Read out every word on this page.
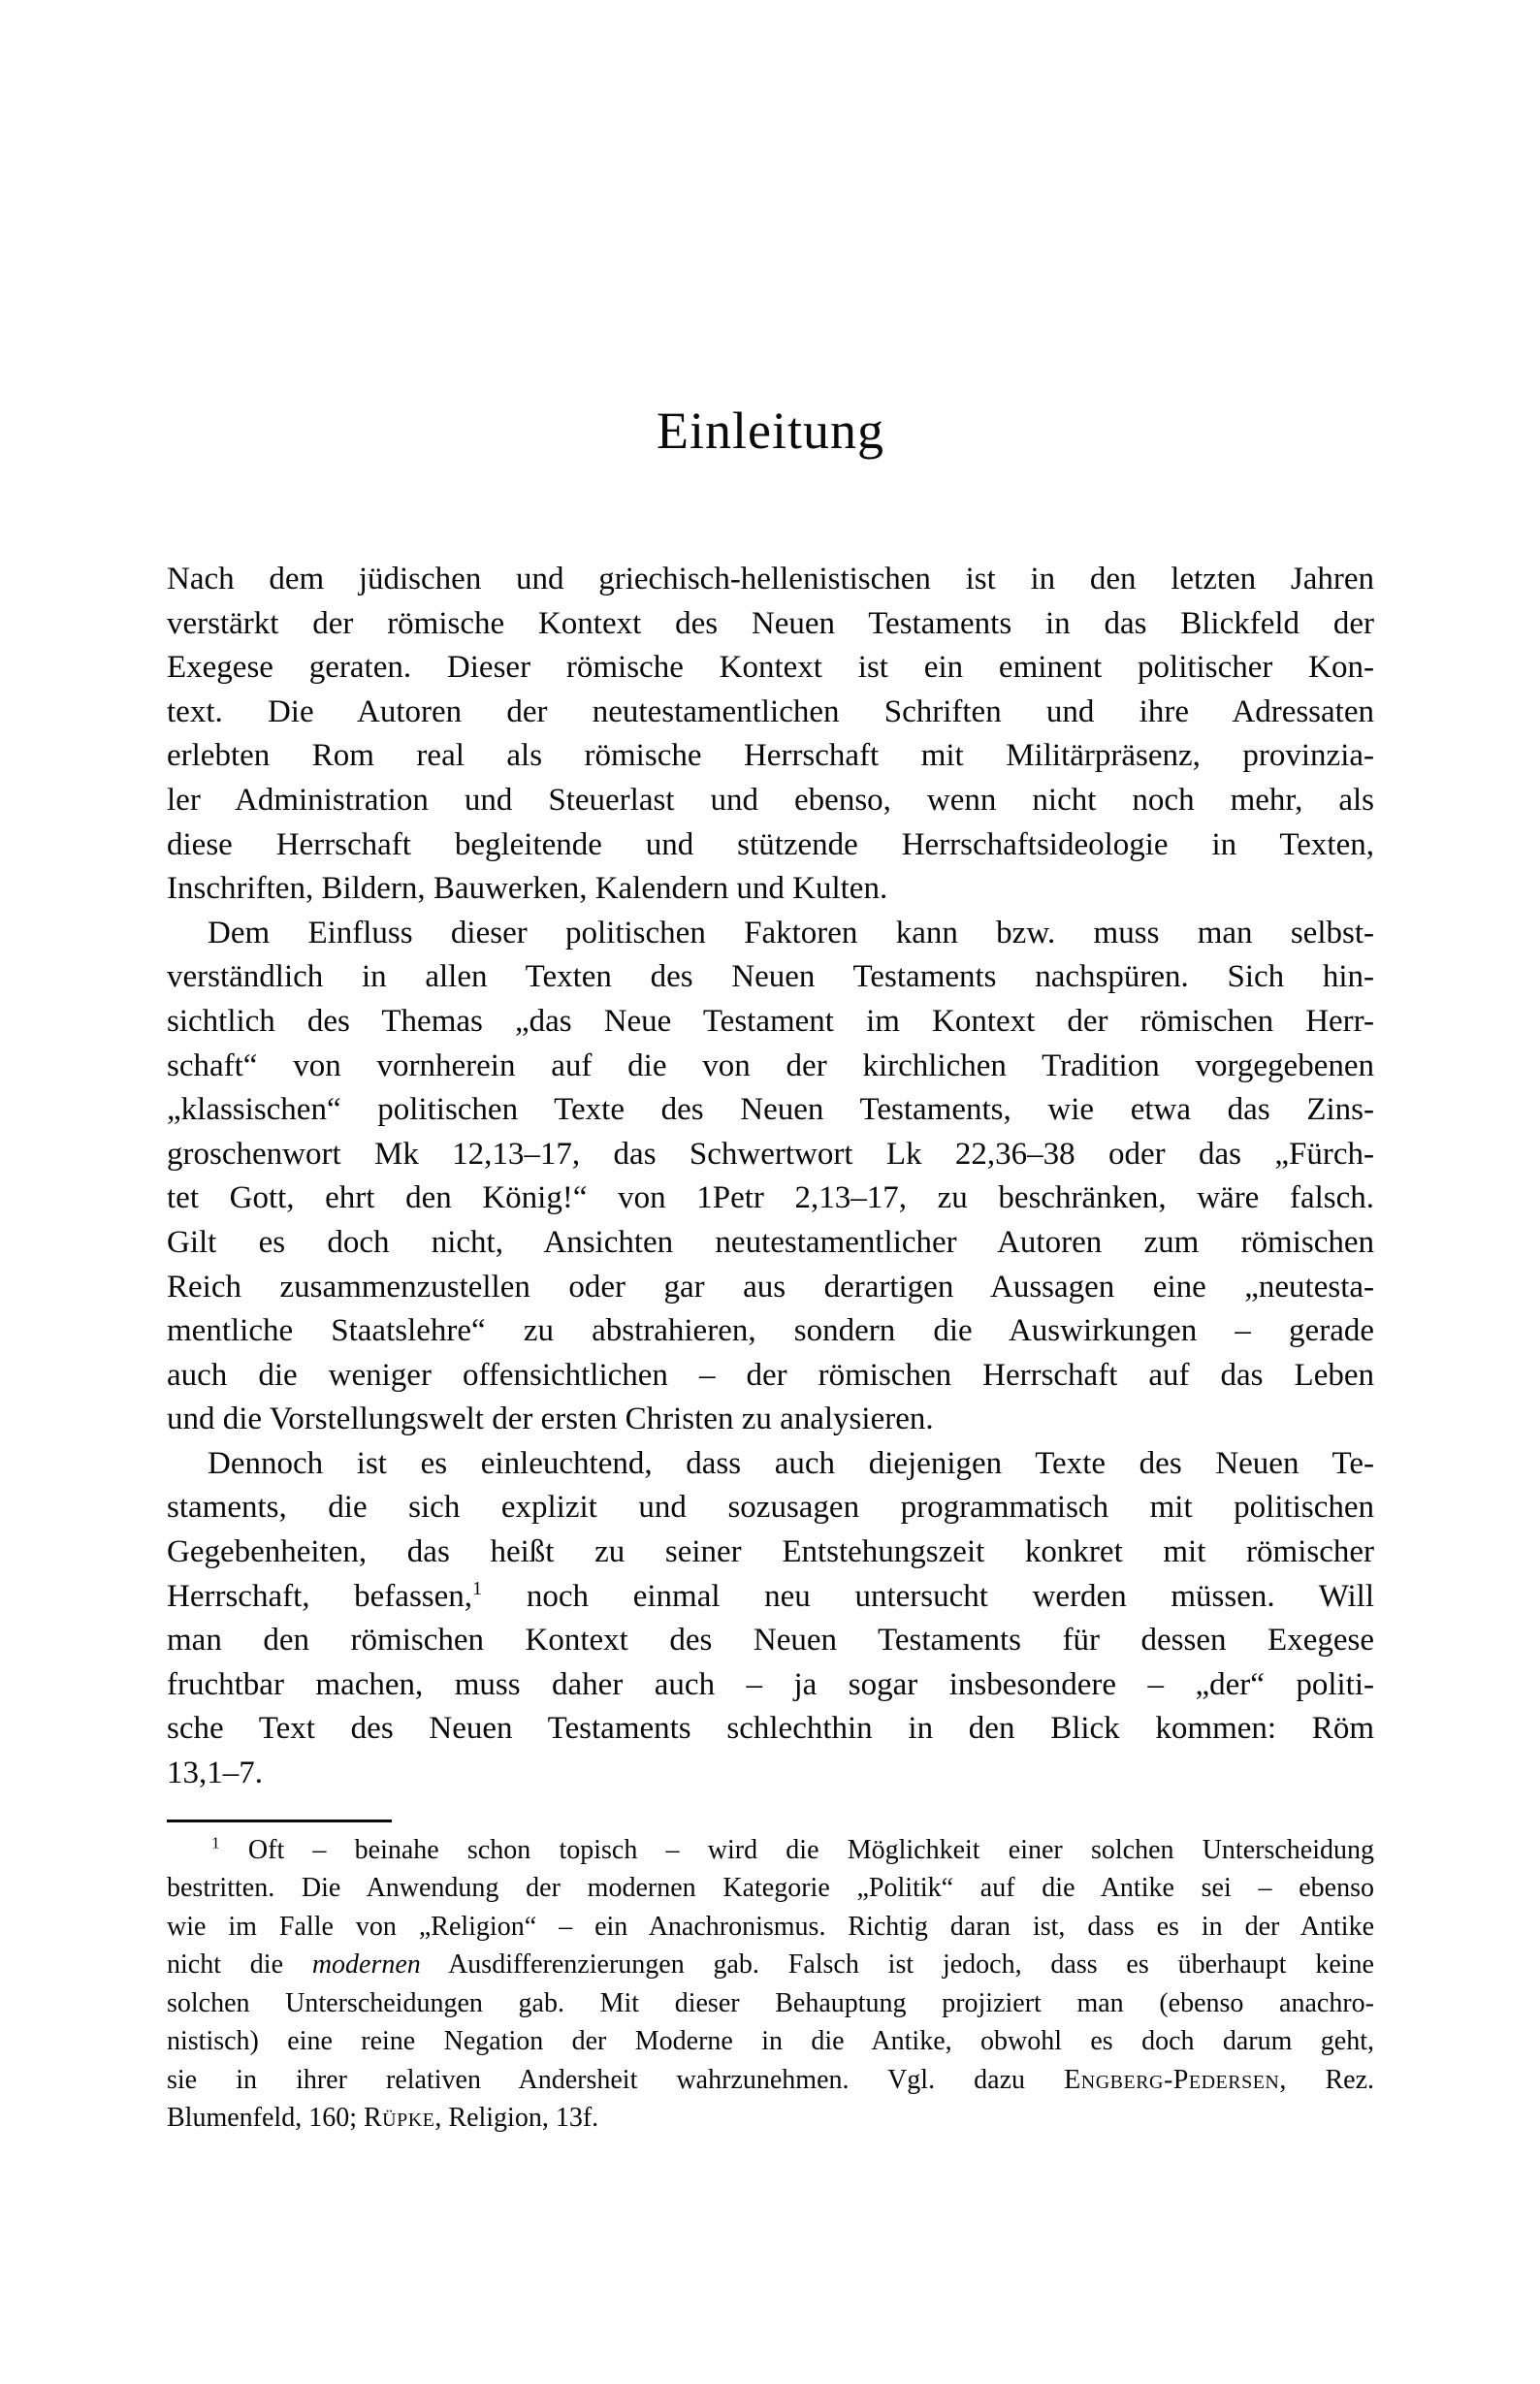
Einleitung
Nach dem jüdischen und griechisch-hellenistischen ist in den letzten Jahren
verstärkt der römische Kontext des Neuen Testaments in das Blickfeld der
Exegese geraten. Dieser römische Kontext ist ein eminent politischer Kon-
text. Die Autoren der neutestamentlichen Schriften und ihre Adressaten
erlebten Rom real als römische Herrschaft mit Militärpräsenz, provinzia-
ler Administration und Steuerlast und ebenso, wenn nicht noch mehr, als
diese Herrschaft begleitende und stützende Herrschaftsideologie in Texten,
Inschriften, Bildern, Bauwerken, Kalendern und Kulten.
Dem Einfluss dieser politischen Faktoren kann bzw. muss man selbst-
verständlich in allen Texten des Neuen Testaments nachspüren. Sich hin-
sichtlich des Themas „das Neue Testament im Kontext der römischen Herr-
schaft“ von vornherein auf die von der kirchlichen Tradition vorgegebenen
„klassischen“ politischen Texte des Neuen Testaments, wie etwa das Zins-
groschenwort Mk 12,13–17, das Schwertwort Lk 22,36–38 oder das „Fürch-
tet Gott, ehrt den König!“ von 1Petr 2,13–17, zu beschränken, wäre falsch.
Gilt es doch nicht, Ansichten neutestamentlicher Autoren zum römischen
Reich zusammenzustellen oder gar aus derartigen Aussagen eine „neutesta-
mentliche Staatslehre“ zu abstrahieren, sondern die Auswirkungen – gerade
auch die weniger offensichtlichen – der römischen Herrschaft auf das Leben
und die Vorstellungswelt der ersten Christen zu analysieren.
Dennoch ist es einleuchtend, dass auch diejenigen Texte des Neuen Te-
staments, die sich explizit und sozusagen programmatisch mit politischen
Gegebenheiten, das heißt zu seiner Entstehungszeit konkret mit römischer
Herrschaft, befassen,$^1$ noch einmal neu untersucht werden müssen. Will
man den römischen Kontext des Neuen Testaments für dessen Exegese
fruchtbar machen, muss daher auch – ja sogar insbesondere – „der“ politi-
sche Text des Neuen Testaments schlechthin in den Blick kommen: Röm
13,1–7.
$^1$ Oft – beinahe schon topisch – wird die Möglichkeit einer solchen Unterscheidung
bestritten. Die Anwendung der modernen Kategorie „Politik“ auf die Antike sei – ebenso
wie im Falle von „Religion“ – ein Anachronismus. Richtig daran ist, dass es in der Antike
nicht die modernen Ausdifferenzierungen gab. Falsch ist jedoch, dass es überhaupt keine
solchen Unterscheidungen gab. Mit dieser Behauptung projiziert man (ebenso anachro-
nistisch) eine reine Negation der Moderne in die Antike, obwohl es doch darum geht,
sie in ihrer relativen Andersheit wahrzunehmen. Vgl. dazu Engberg-Pedersen, Rez.
Blumenfeld, 160; Rüpke, Religion, 13f.
